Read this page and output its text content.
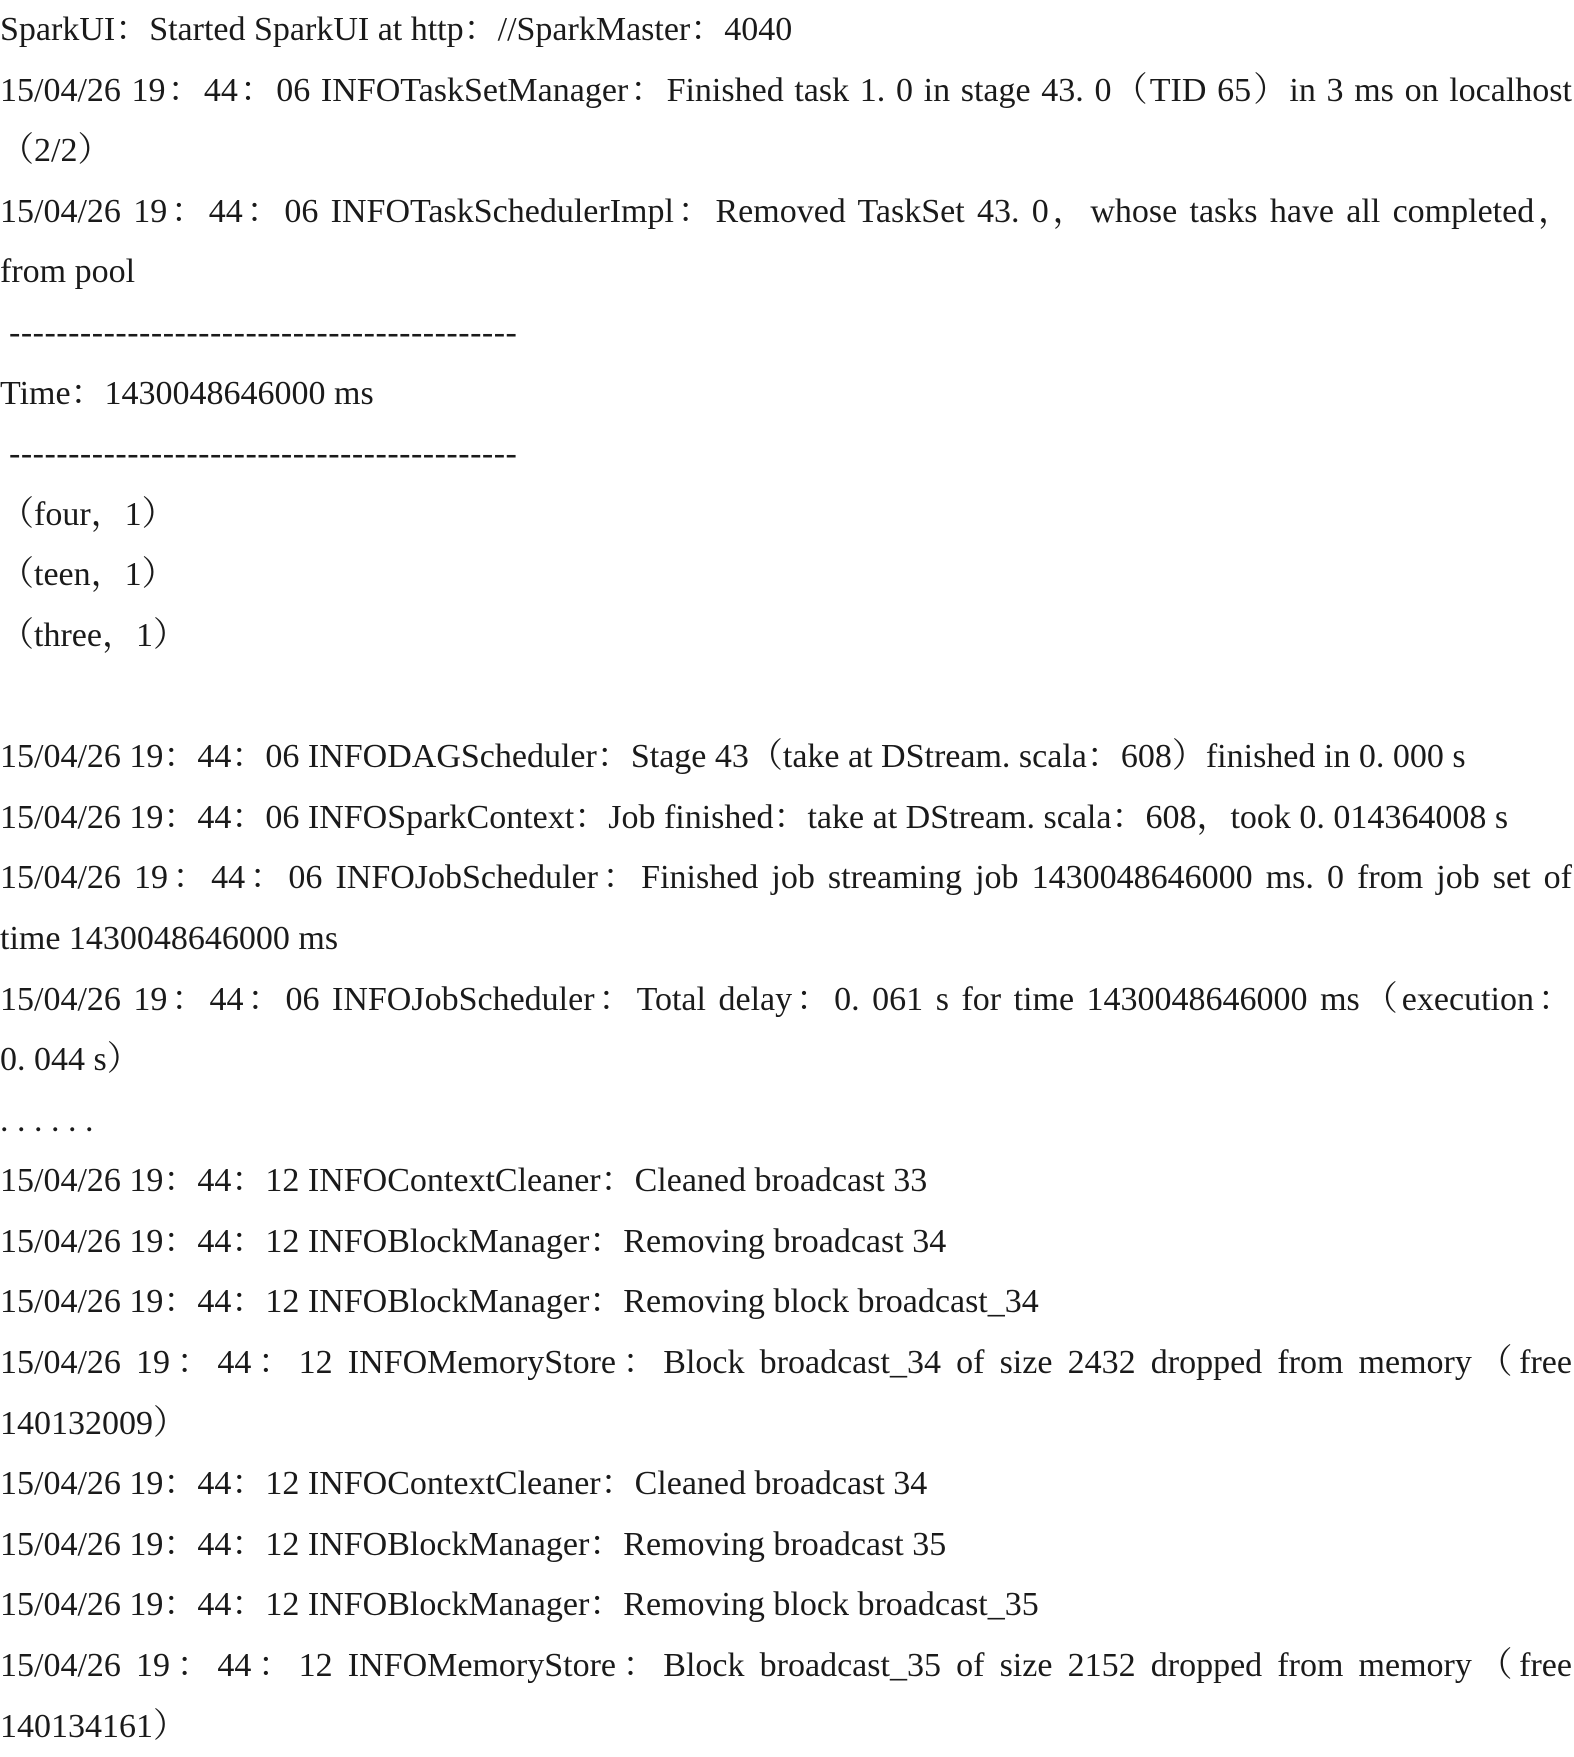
SparkUI：Started SparkUI at http：//SparkMaster：4040
15/04/26 19：44：06 INFOTaskSetManager：Finished task 1. 0 in stage 43. 0（TID 65）in 3 ms on localhost
（2/2）
15/04/26 19：44：06 INFOTaskSchedulerImpl：Removed TaskSet 43. 0，whose tasks have all completed，
from pool
-------------------------------------------
Time：1430048646000 ms
-------------------------------------------
（four，1）
（teen，1）
（three，1）
15/04/26 19：44：06 INFODAGScheduler：Stage 43（take at DStream. scala：608）finished in 0. 000 s
15/04/26 19：44：06 INFOSparkContext：Job finished：take at DStream. scala：608，took 0. 014364008 s
15/04/26 19：44：06 INFOJobScheduler：Finished job streaming job 1430048646000 ms. 0 from job set of
time 1430048646000 ms
15/04/26 19：44：06 INFOJobScheduler：Total delay：0. 061 s for time 1430048646000 ms（execution：
0. 044 s）
. . . . . .
15/04/26 19：44：12 INFOContextCleaner：Cleaned broadcast 33
15/04/26 19：44：12 INFOBlockManager：Removing broadcast 34
15/04/26 19：44：12 INFOBlockManager：Removing block broadcast_34
15/04/26 19：44：12 INFOMemoryStore：Block broadcast_34 of size 2432 dropped from memory（free
140132009）
15/04/26 19：44：12 INFOContextCleaner：Cleaned broadcast 34
15/04/26 19：44：12 INFOBlockManager：Removing broadcast 35
15/04/26 19：44：12 INFOBlockManager：Removing block broadcast_35
15/04/26 19：44：12 INFOMemoryStore：Block broadcast_35 of size 2152 dropped from memory（free
140134161）
